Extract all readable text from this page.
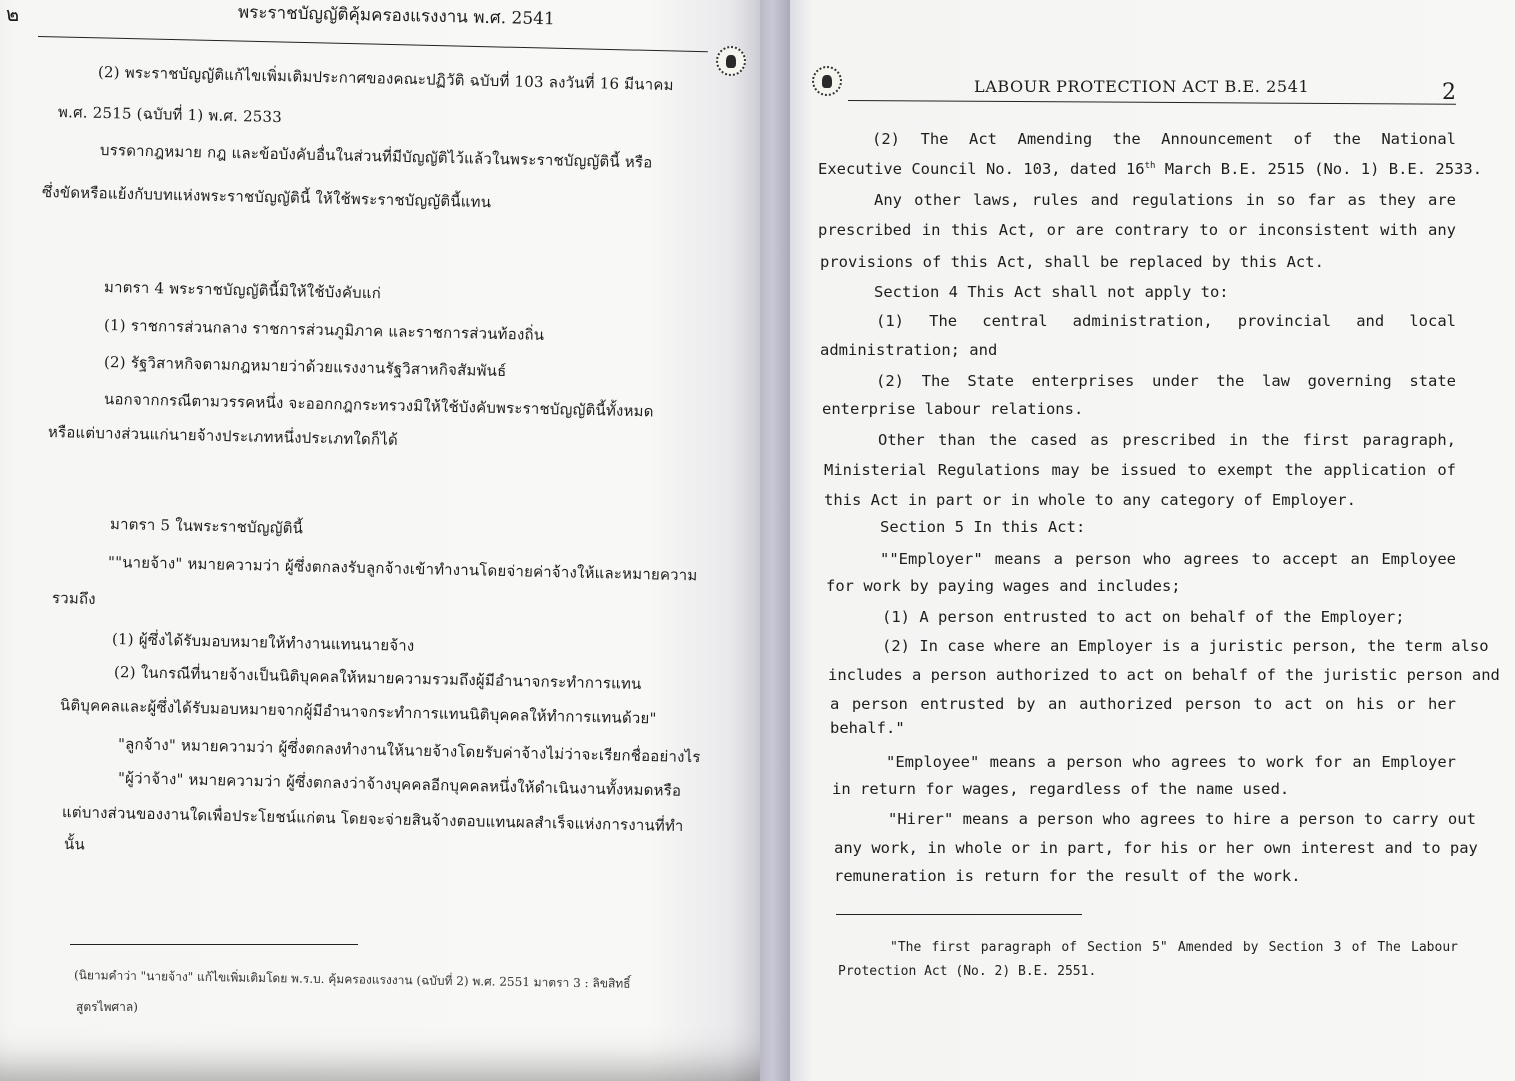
๒	พระราชบัญญัติคุ้มครองแรงงาน พ.ศ. 2541
(2) พระราชบัญญัติแก้ไขเพิ่มเติมประกาศของคณะปฏิวัติ ฉบับที่ 103 ลงวันที่ 16 มีนาคม
พ.ศ. 2515 (ฉบับที่ 1) พ.ศ. 2533
บรรดากฎหมาย กฎ และข้อบังคับอื่นในส่วนที่มีบัญญัติไว้แล้วในพระราชบัญญัตินี้ หรือ
ซึ่งขัดหรือแย้งกับบทแห่งพระราชบัญญัตินี้ ให้ใช้พระราชบัญญัตินี้แทน
มาตรา 4 พระราชบัญญัตินี้มิให้ใช้บังคับแก่
(1) ราชการส่วนกลาง ราชการส่วนภูมิภาค และราชการส่วนท้องถิ่น
(2) รัฐวิสาหกิจตามกฎหมายว่าด้วยแรงงานรัฐวิสาหกิจสัมพันธ์
นอกจากกรณีตามวรรคหนึ่ง จะออกกฎกระทรวงมิให้ใช้บังคับพระราชบัญญัตินี้ทั้งหมด
หรือแต่บางส่วนแก่นายจ้างประเภทหนึ่งประเภทใดก็ได้
มาตรา 5 ในพระราชบัญญัตินี้
""นายจ้าง" หมายความว่า ผู้ซึ่งตกลงรับลูกจ้างเข้าทำงานโดยจ่ายค่าจ้างให้และหมายความ
รวมถึง
(1) ผู้ซึ่งได้รับมอบหมายให้ทำงานแทนนายจ้าง
(2) ในกรณีที่นายจ้างเป็นนิติบุคคลให้หมายความรวมถึงผู้มีอำนาจกระทำการแทน
นิติบุคคลและผู้ซึ่งได้รับมอบหมายจากผู้มีอำนาจกระทำการแทนนิติบุคคลให้ทำการแทนด้วย"
"ลูกจ้าง" หมายความว่า ผู้ซึ่งตกลงทำงานให้นายจ้างโดยรับค่าจ้างไม่ว่าจะเรียกชื่ออย่างไร
"ผู้ว่าจ้าง" หมายความว่า ผู้ซึ่งตกลงว่าจ้างบุคคลอีกบุคคลหนึ่งให้ดำเนินงานทั้งหมดหรือ
แต่บางส่วนของงานใดเพื่อประโยชน์แก่ตน โดยจะจ่ายสินจ้างตอบแทนผลสำเร็จแห่งการงานที่ทำ
นั้น
(นิยามคำว่า "นายจ้าง" แก้ไขเพิ่มเติมโดย พ.ร.บ. คุ้มครองแรงงาน (ฉบับที่ 2) พ.ศ. 2551 มาตรา 3 : ลิขสิทธิ์
สูตรไพศาล)
LABOUR PROTECTION ACT B.E. 2541	2
(2) The Act Amending the Announcement of the National
Executive Council No. 103, dated 16th March B.E. 2515 (No. 1) B.E. 2533.
Any other laws, rules and regulations in so far as they are
prescribed in this Act, or are contrary to or inconsistent with any
provisions of this Act, shall be replaced by this Act.
Section 4 This Act shall not apply to:
(1) The central administration, provincial and local
administration; and
(2) The State enterprises under the law governing state
enterprise labour relations.
Other than the cased as prescribed in the first paragraph,
Ministerial Regulations may be issued to exempt the application of
this Act in part or in whole to any category of Employer.
Section 5 In this Act:
""Employer" means a person who agrees to accept an Employee
for work by paying wages and includes;
(1) A person entrusted to act on behalf of the Employer;
(2) In case where an Employer is a juristic person, the term also
includes a person authorized to act on behalf of the juristic person and
a person entrusted by an authorized person to act on his or her
behalf."
"Employee" means a person who agrees to work for an Employer
in return for wages, regardless of the name used.
"Hirer" means a person who agrees to hire a person to carry out
any work, in whole or in part, for his or her own interest and to pay
remuneration is return for the result of the work.
"The first paragraph of Section 5" Amended by Section 3 of The Labour
Protection Act (No. 2) B.E. 2551.
